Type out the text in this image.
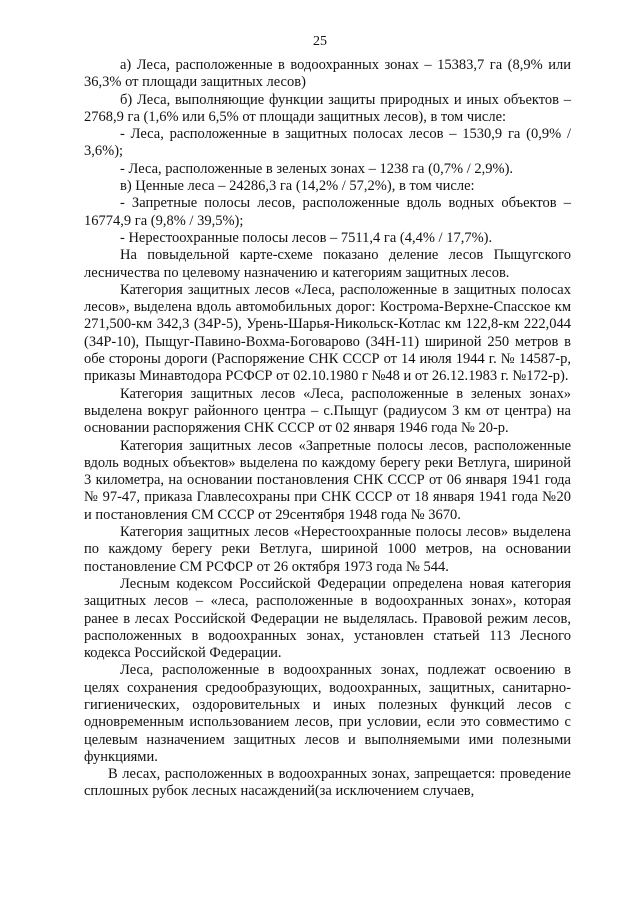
25

а) Леса, расположенные в водоохранных зонах – 15383,7 га (8,9% или 36,3% от площади защитных лесов)

б) Леса, выполняющие функции защиты природных и иных объектов – 2768,9 га (1,6% или 6,5% от площади защитных лесов), в том числе:

- Леса, расположенные в защитных полосах лесов – 1530,9 га (0,9% / 3,6%);

- Леса, расположенные в зеленых зонах – 1238 га (0,7% / 2,9%).

в) Ценные леса – 24286,3 га (14,2% / 57,2%), в том числе:

- Запретные полосы лесов, расположенные вдоль водных объектов – 16774,9 га (9,8% / 39,5%);

- Нерестоохранные полосы лесов – 7511,4 га (4,4% / 17,7%).

На повыдельной карте-схеме показано деление лесов Пыщугского лесничества по целевому назначению и категориям защитных лесов.

Категория защитных лесов «Леса, расположенные в защитных полосах лесов», выделена вдоль автомобильных дорог: Кострома-Верхне-Спасское км 271,500-км 342,3 (34Р-5), Урень-Шарья-Никольск-Котлас км 122,8-км 222,044 (34Р-10), Пыщуг-Павино-Вохма-Боговарово (34Н-11) шириной 250 метров в обе стороны дороги (Распоряжение СНК СССР от 14 июля 1944 г. № 14587-р, приказы Минавтодора РСФСР от 02.10.1980 г №48 и от 26.12.1983 г. №172-р).

Категория защитных лесов «Леса, расположенные в зеленых зонах» выделена вокруг районного центра – с.Пыщуг (радиусом 3 км от центра) на основании распоряжения СНК СССР от 02 января 1946 года № 20-р.

Категория защитных лесов «Запретные полосы лесов, расположенные вдоль водных объектов» выделена по каждому берегу реки Ветлуга, шириной 3 километра, на основании постановления СНК СССР от 06 января 1941 года № 97-47, приказа Главлесохраны при СНК СССР от 18 января 1941 года №20 и постановления СМ СССР от 29сентября 1948 года № 3670.

Категория защитных лесов «Нерестоохранные полосы лесов» выделена по каждому берегу реки Ветлуга, шириной 1000 метров, на основании постановление СМ РСФСР от 26 октября 1973 года № 544.

Лесным кодексом Российской Федерации определена новая категория защитных лесов – «леса, расположенные в водоохранных зонах», которая ранее в лесах Российской Федерации не выделялась. Правовой режим лесов, расположенных в водоохранных зонах, установлен статьей 113 Лесного кодекса Российской Федерации.

Леса, расположенные в водоохранных зонах, подлежат освоению в целях сохранения средообразующих, водоохранных, защитных, санитарно-гигиенических, оздоровительных и иных полезных функций лесов с одновременным использованием лесов, при условии, если это совместимо с целевым назначением защитных лесов и выполняемыми ими полезными функциями.

В лесах, расположенных в водоохранных зонах, запрещается: проведение сплошных рубок лесных насаждений(за исключением случаев,
